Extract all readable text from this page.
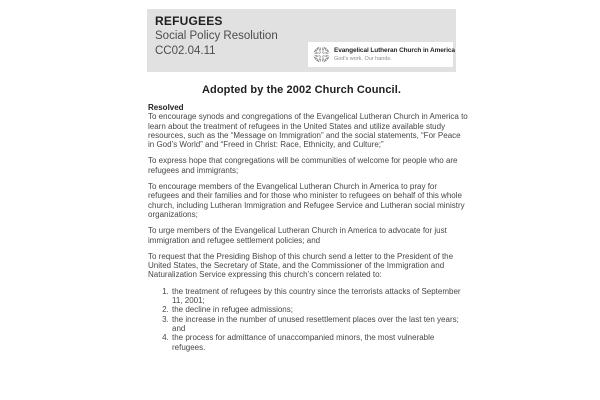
REFUGEES
Social Policy Resolution
CC02.04.11	Evangelical Lutheran Church in America
God’s work. Our hands.
Adopted by the 2002 Church Council.

Resolved

To encourage synods and congregations of the Evangelical Lutheran Church in America to learn about the treatment of refugees in the United States and utilize available study resources, such as the “Message on Immigration” and the social statements, “For Peace in God’s World” and “Freed in Christ: Race, Ethnicity, and Culture;”

To express hope that congregations will be communities of welcome for people who are refugees and immigrants;

To encourage members of the Evangelical Lutheran Church in America to pray for refugees and their families and for those who minister to refugees on behalf of this whole church, including Lutheran Immigration and Refugee Service and Lutheran social ministry organizations;

To urge members of the Evangelical Lutheran Church in America to advocate for just immigration and refugee settlement policies; and

To request that the Presiding Bishop of this church send a letter to the President of the United States, the Secretary of State, and the Commissioner of the Immigration and Naturalization Service expressing this church’s concern related to:

1. the treatment of refugees by this country since the terrorists attacks of September 11, 2001;
2. the decline in refugee admissions;
3. the increase in the number of unused resettlement places over the last ten years; and
4. the process for admittance of unaccompanied minors, the most vulnerable refugees.
